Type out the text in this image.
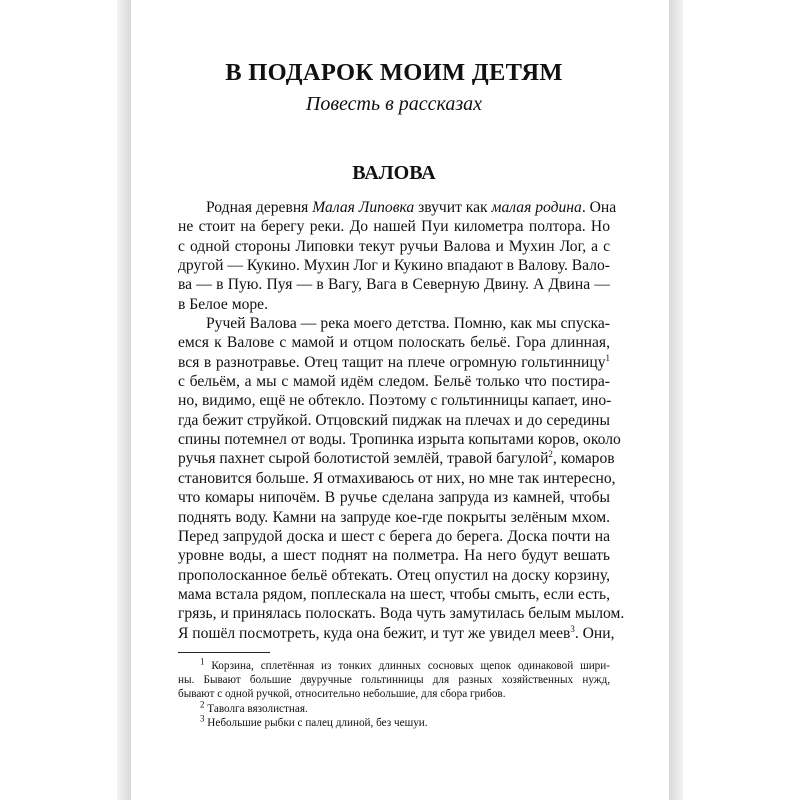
В ПОДАРОК МОИМ ДЕТЯМ

Повесть в рассказах

ВАЛОВА
Родная деревня Малая Липовка звучит как малая родина. Она
не стоит на берегу реки. До нашей Пуи километра полтора. Но
с одной стороны Липовки текут ручьи Валова и Мухин Лог, а с
другой — Кукино. Мухин Лог и Кукино впадают в Валову. Вало-
ва — в Пую. Пуя — в Вагу, Вага в Северную Двину. А Двина —
в Белое море.
Ручей Валова — река моего детства. Помню, как мы спуска-
емся к Валове с мамой и отцом полоскать бельё. Гора длинная,
вся в разнотравье. Отец тащит на плече огромную гольтинницу$^1$
с бельём, а мы с мамой идём следом. Бельё только что постира-
но, видимо, ещё не обтекло. Поэтому с гольтинницы капает, ино-
гда бежит струйкой. Отцовский пиджак на плечах и до середины
спины потемнел от воды. Тропинка изрыта копытами коров, около
ручья пахнет сырой болотистой землёй, травой багулой$^2$, комаров
становится больше. Я отмахиваюсь от них, но мне так интересно,
что комары нипочём. В ручье сделана запруда из камней, чтобы
поднять воду. Камни на запруде кое-где покрыты зелёным мхом.
Перед запрудой доска и шест с берега до берега. Доска почти на
уровне воды, а шест поднят на полметра. На него будут вешать
прополосканное бельё обтекать. Отец опустил на доску корзину,
мама встала рядом, поплескала на шест, чтобы смыть, если есть,
грязь, и принялась полоскать. Вода чуть замутилась белым мылом.
Я пошёл посмотреть, куда она бежит, и тут же увидел меев$^3$. Они,
$^1$ Корзина, сплетённая из тонких длинных сосновых щепок одинаковой шири-
ны. Бывают большие двуручные гольтинницы для разных хозяйственных нужд,
бывают с одной ручкой, относительно небольшие, для сбора грибов.
$^2$ Таволга вязолистная.
$^3$ Небольшие рыбки с палец длиной, без чешуи.
